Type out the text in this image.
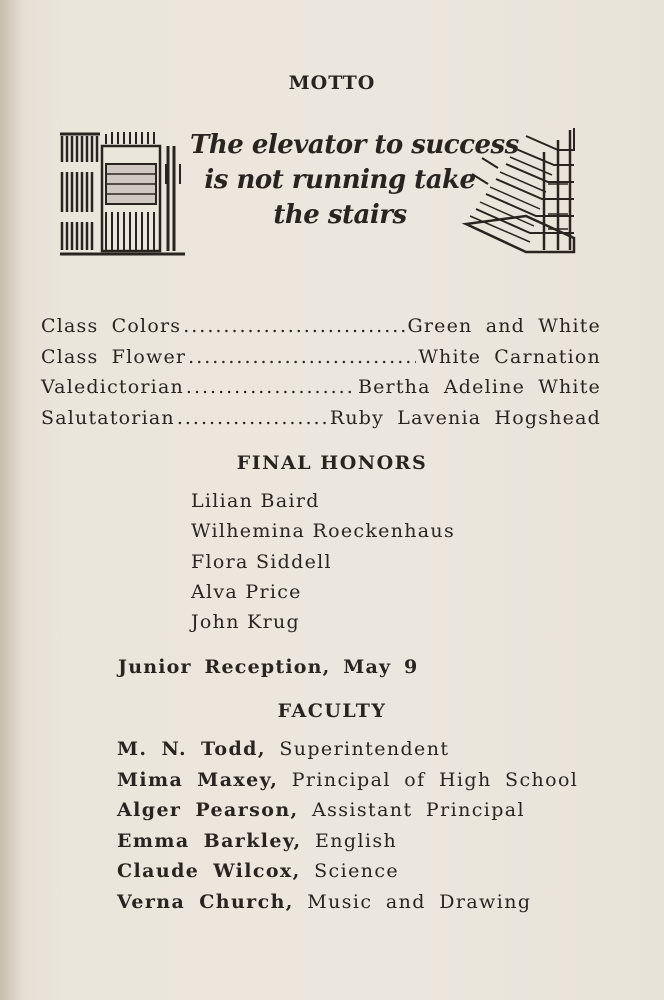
MOTTO
The elevator to success
is not running take
the stairs
Class Colors .....	Green and White
Class Flower .....	White Carnation
Valedictorian .....	Bertha Adeline White
Salutatorian .....	Ruby Lavenia Hogshead
FINAL HONORS
Lilian Baird
Wilhemina Roeckenhaus
Flora Siddell
Alva Price
John Krug
Junior Reception, May 9
FACULTY
M. N. Todd, Superintendent
Mima Maxey, Principal of High School
Alger Pearson, Assistant Principal
Emma Barkley, English
Claude Wilcox, Science
Verna Church, Music and Drawing
